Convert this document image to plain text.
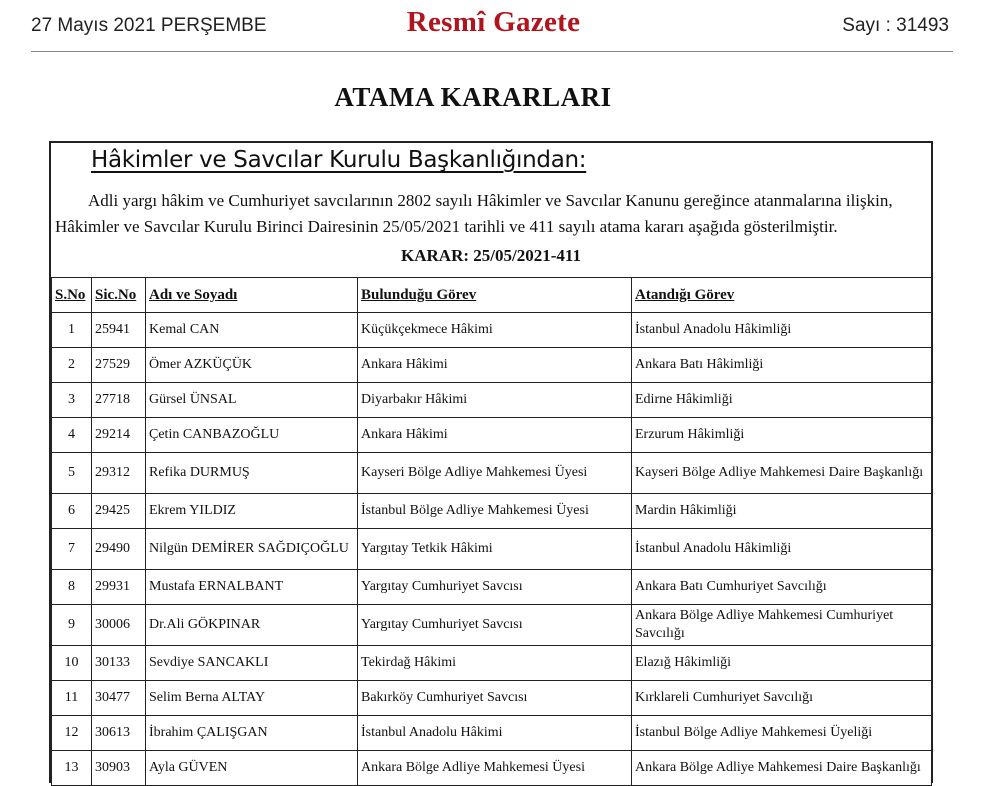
27 Mayıs 2021 PERŞEMBE	Resmî Gazete	Sayı : 31493
ATAMA KARARLARI
Hâkimler ve Savcılar Kurulu Başkanlığından:
Adli yargı hâkim ve Cumhuriyet savcılarının 2802 sayılı Hâkimler ve Savcılar Kanunu gereğince atanmalarına ilişkin, Hâkimler ve Savcılar Kurulu Birinci Dairesinin 25/05/2021 tarihli ve 411 sayılı atama kararı aşağıda gösterilmiştir.
KARAR: 25/05/2021-411
S.No	Sic.No	Adı ve Soyadı	Bulunduğu Görev	Atandığı Görev
1	25941	Kemal CAN	Küçükçekmece Hâkimi	İstanbul Anadolu Hâkimliği
2	27529	Ömer AZKÜÇÜK	Ankara Hâkimi	Ankara Batı Hâkimliği
3	27718	Gürsel ÜNSAL	Diyarbakır Hâkimi	Edirne Hâkimliği
4	29214	Çetin CANBAZOĞLU	Ankara Hâkimi	Erzurum Hâkimliği
5	29312	Refika DURMUŞ	Kayseri Bölge Adliye Mahkemesi Üyesi	Kayseri Bölge Adliye Mahkemesi Daire Başkanlığı
6	29425	Ekrem YILDIZ	İstanbul Bölge Adliye Mahkemesi Üyesi	Mardin Hâkimliği
7	29490	Nilgün DEMİRER SAĞDIÇOĞLU	Yargıtay Tetkik Hâkimi	İstanbul Anadolu Hâkimliği
8	29931	Mustafa ERNALBANT	Yargıtay Cumhuriyet Savcısı	Ankara Batı Cumhuriyet Savcılığı
9	30006	Dr.Ali GÖKPINAR	Yargıtay Cumhuriyet Savcısı	Ankara Bölge Adliye Mahkemesi Cumhuriyet Savcılığı
10	30133	Sevdiye SANCAKLI	Tekirdağ Hâkimi	Elazığ Hâkimliği
11	30477	Selim Berna ALTAY	Bakırköy Cumhuriyet Savcısı	Kırklareli Cumhuriyet Savcılığı
12	30613	İbrahim ÇALIŞGAN	İstanbul Anadolu Hâkimi	İstanbul Bölge Adliye Mahkemesi Üyeliği
13	30903	Ayla GÜVEN	Ankara Bölge Adliye Mahkemesi Üyesi	Ankara Bölge Adliye Mahkemesi Daire Başkanlığı
